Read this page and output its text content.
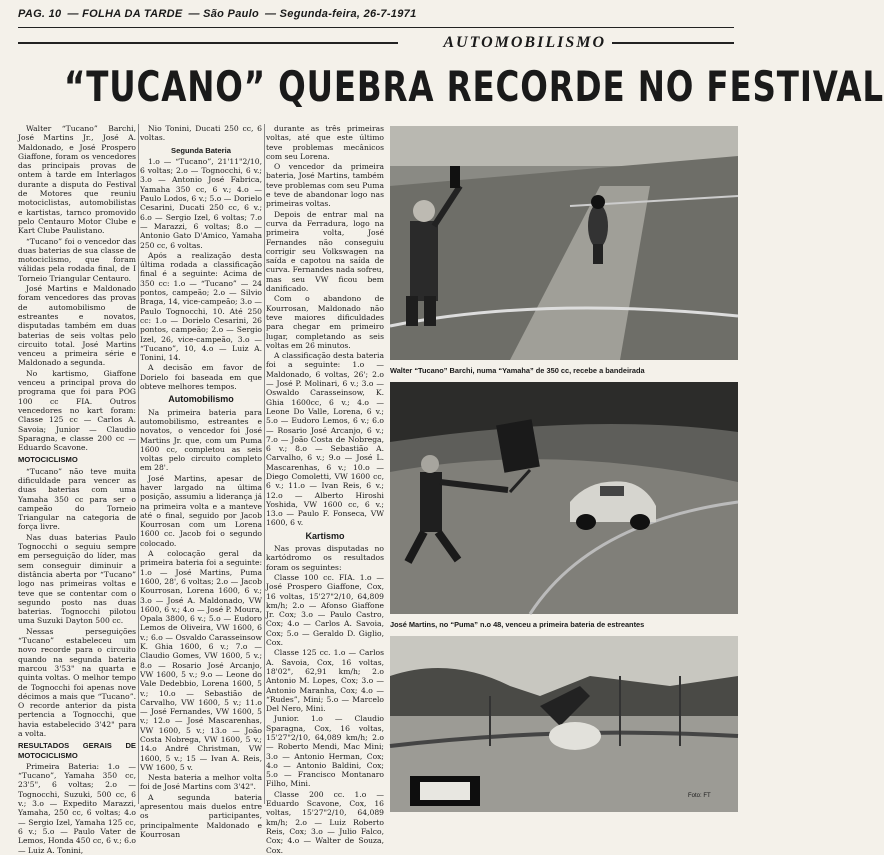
PAG. 10 — FOLHA DA TARDE — São Paulo — Segunda-feira, 26-7-1971
AUTOMOBILISMO
“TUCANO” QUEBRA RECORDE NO FESTIVAL

Walter “Tucano” Barchi, José Martins Jr., José A. Maldonado, e José Prospero Giaffone, foram os vencedores das principais provas de ontem à tarde em Interlagos durante a disputa do Festival de Motores que reuniu motociclistas, automobilistas e kartistas, tarnco promovido pelo Centauro Motor Clube e Kart Clube Paulistano.

“Tucano” foi o vencedor das duas baterias de sua classe de motociclismo, que foram válidas pela rodada final, de I Torneio Triangular Centauro.

José Martins e Maldonado foram vencedores das provas de automobilismo de estreantes e novatos, disputadas também em duas baterias de seis voltas pelo circuito total. José Martins venceu a primeira série e Maldonado a segunda.

No kartismo, Giaffone venceu a principal prova do programa que foi para POG 100 cc FIA. Outros vencedores no kart foram: Classe 125 cc — Carlos A. Savoia; Junior — Claudio Sparagna, e classe 200 cc — Eduardo Scavone.

MOTOCICLISMO

“Tucano” não teve muita dificuldade para vencer as duas baterias com uma Yamaha 350 cc para ser o campeão do Torneio Triangular na categoria de força livre.

Nas duas baterias Paulo Tognocchi o seguiu sempre em perseguição do líder, mas sem conseguir diminuir a distância aberta por “Tucano” logo nas primeiras voltas e teve que se contentar com o segundo posto nas duas baterias. Tognocchi pilotou uma Suzuki Dayton 500 cc.

Nessas perseguições “Tucano” estabeleceu um novo recorde para o circuito quando na segunda bateria marcou 3'53" na quarta e quinta voltas. O melhor tempo de Tognocchi foi apenas nove décimos a mais que “Tucano”. O recorde anterior da pista pertencia a Tognocchi, que havia estabelecido 3'42" para a volta.

RESULTADOS GERAIS DE MOTOCICLISMO

Primeira Bateria: 1.o — “Tucano”, Yamaha 350 cc, 23'5", 6 voltas; 2.o — Tognocchi, Suzuki, 500 cc, 6 v.; 3.o — Expedito Marazzi, Yamaha, 250 cc, 6 voltas; 4.o — Sergio Izel, Yamaha 125 cc, 6 v.; 5.o — Paulo Vater de Lemos, Honda 450 cc, 6 v.; 6.o — Luiz A. Tonini,

Nio Tonini, Ducati 250 cc, 6 voltas.

Segunda Bateria

1.o — “Tucano”, 21'11"2/10, 6 voltas; 2.o — Tognocchi, 6 v.; 3.o — Antonio José Fabrica, Yamaha 350 cc, 6 v.; 4.o — Paulo Lodos, 6 v.; 5.o — Dorielo Cesarini, Ducati 250 cc, 6 v.; 6.o — Sergio Izel, 6 voltas; 7.o — Marazzi, 6 voltas; 8.o — Antonio Gato D'Amico, Yamaha 250 cc, 6 voltas.

Após a realização desta última rodada a classificação final é a seguinte: Acima de 350 cc: 1.o — “Tucano” — 24 pontos, campeão; 2.o — Silvio Braga, 14, vice-campeão; 3.o — Paulo Tognocchi, 10. Até 250 cc: 1.o — Dorielo Cesarini, 26 pontos, campeão; 2.o — Sergio Izel, 26, vice-campeão, 3.o — “Tucano”, 10, 4.o — Luiz A. Tonini, 14.

A decisão em favor de Dorielo foi baseada em que obteve melhores tempos.

Automobilismo

Na primeira bateria para automobilismo, estreantes e novatos, o vencedor foi José Martins Jr. que, com um Puma 1600 cc, completou as seis voltas pelo circuito completo em 28'.

José Martins, apesar de haver largado na última posição, assumiu a liderança já na primeira volta e a manteve até o final, seguido por Jacob Kourrosan com um Lorena 1600 cc. Jacob foi o segundo colocado.

A colocação geral da primeira bateria foi a seguinte: 1.o — José Martins, Puma 1600, 28', 6 voltas; 2.o — Jacob Kourrosan, Lorena 1600, 6 v.; 3.o — José A. Maldonado, VW 1600, 6 v.; 4.o — José P. Moura, Opala 3800, 6 v.; 5.o — Eudoro Lemos de Oliveira, VW 1600, 6 v.; 6.o — Osvaldo Carasseinsow K. Ghia 1600, 6 v.; 7.o — Claudio Gomes, VW 1600, 5 v.; 8.o — Rosario José Arcanjo, VW 1600, 5 v.; 9.o — Leone do Vale Dedebbio, Lorena 1600, 5 v.; 10.o — Sebastião de Carvalho, VW 1600, 5 v.; 11.o — José Fernandes, VW 1600, 5 v.; 12.o — José Mascarenhas, VW 1600, 5 v.; 13.o — João Costa Nobrega, VW 1600, 5 v.; 14.o André Christman, VW 1600, 5 v.; 15 — Ivan A. Reis, VW 1600, 5 v.

Nesta bateria a melhor volta foi de José Martins com 3'42".

A segunda bateria apresentou mais duelos entre os participantes, principalmente Maldonado e Kourrosan

durante as três primeiras voltas, até que este último teve problemas mecânicos com seu Lorena.

O vencedor da primeira bateria, José Martins, também teve problemas com seu Puma e teve de abandonar logo nas primeiras voltas.

Depois de entrar mal na curva da Ferradura, logo na primeira volta, José Fernandes não conseguiu corrigir seu Volkswagen na saída e capotou na saída de curva. Fernandes nada sofreu, mas seu VW ficou bem danificado.

Com o abandono de Kourrosan, Maldonado não teve maiores dificuldades para chegar em primeiro lugar, completando as seis voltas em 26 minutos.

A classificação desta bateria foi a seguinte: 1.o — Maldonado, 6 voltas, 26'; 2.o — José P. Molinari, 6 v.; 3.o — Oswaldo Carasseinsow, K. Ghia 1600cc, 6 v.; 4.o — Leone Do Valle, Lorena, 6 v.; 5.o — Eudoro Lemos, 6 v.; 6.o — Rosario José Arcanjo, 6 v.; 7.o — João Costa de Nobrega, 6 v.; 8.o — Sebastião A. Carvalho, 6 v.; 9.o — José L. Mascarenhas, 6 v.; 10.o — Diego Comoletti, VW 1600 cc, 6 v.; 11.o — Ivan Reis, 6 v.; 12.o — Alberto Hiroshi Yoshida, VW 1600 cc, 6 v.; 13.o — Paulo F. Fonseca, VW 1600, 6 v.

Kartismo

Nas provas disputadas no kartódromo os resultados foram os seguintes:

Classe 100 cc. FIA. 1.o — José Prospero Giaffone, Cox, 16 voltas, 15'27"2/10, 64,809 km/h; 2.o — Afonso Giaffone Jr. Cox; 3.o — Paulo Castro, Cox; 4.o — Carlos A. Savoia, Cox; 5.o — Geraldo D. Giglio, Cox.

Classe 125 cc. 1.o — Carlos A. Savoia, Cox, 16 voltas, 18'02", 62,91 km/h; 2.o Antonio M. Lopes, Cox; 3.o — Antonio Maranha, Cox; 4.o — “Rudes”, Mini; 5.o — Marcelo Del Nero, Mini.

Junior. 1.o — Claudio Sparagna, Cox, 16 voltas, 15'27"2/10, 64,089 km/h; 2.o — Roberto Mendi, Mac Mini; 3.o — Antonio Herman, Cox; 4.o — Antonio Baldini, Cox; 5.o — Francisco Montanaro Filho, Mini.

Classe 200 cc. 1.o — Eduardo Scavone, Cox, 16 voltas, 15'27"2/10, 64,089 km/h; 2.o — Luiz Roberto Reis, Cox; 3.o — Julio Falco, Cox; 4.o — Walter de Souza, Cox.

Walter “Tucano” Barchi, numa “Yamaha” de 350 cc, recebe a bandeirada
José Martins, no “Puma” n.o 48, venceu a primeira bateria de estreantes
Foto: FT
